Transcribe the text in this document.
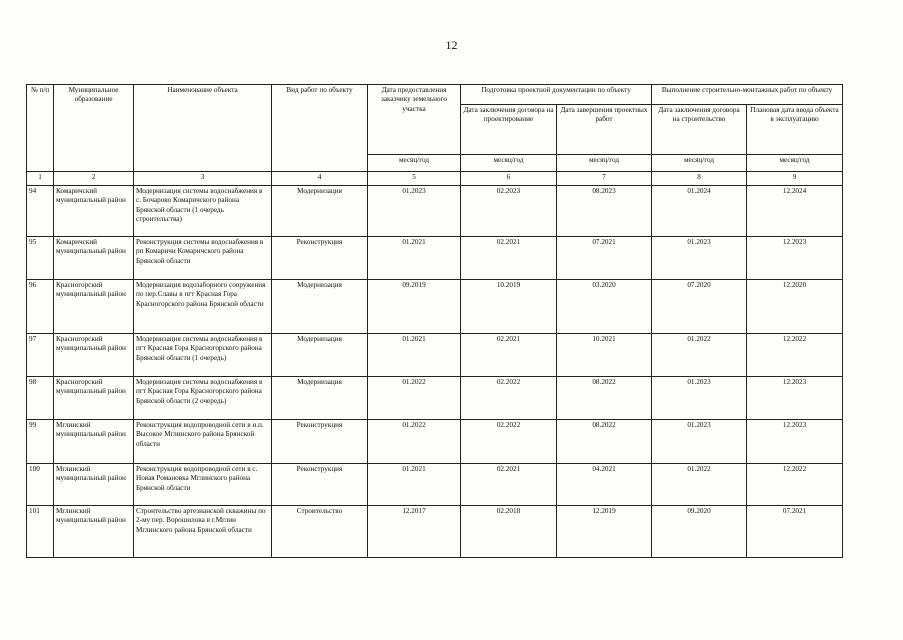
12
№ п/п	Муниципальное образование	Наименование объекта	Вид работ по объекту	Дата предоставления заказчику земельного участка	Подготовка проектной документации по объекту		Выполнение строительно-монтажных работ по объекту	
					Дата заключения договора на проектирование	Дата завершения проектных работ	Дата заключения договора на строительство	Плановая дата ввода объекта в эксплуатацию
				месяц/год	месяц/год	месяц/год	месяц/год	месяц/год
1	2	3	4	5	6	7	8	9
94	Комаричский муниципальный район	Модернизация системы водоснабжения в с. Бочарово Комаричского района Брянской области (1 очередь строительства)	Модернизация	01.2023	02.2023	08.2023	01.2024	12.2024
95	Комаричский муниципальный район	Реконструкция системы водоснабжения в рп Комаричи Комаричского района Брянской области	Реконструкция	01.2021	02.2021	07.2021	01.2023	12.2023
96	Красногорский муниципальный район	Модернизация водозаборного сооружения по пер.Славы в пгт Красная Гора Красногорского района Брянской области	Модернизация	09.2019	10.2019	03.2020	07.2020	12.2020
97	Красногорский муниципальный район	Модернизация системы водоснабжения в пгт Красная Гора Красногорского района Брянской области (1 очередь)	Модернизация	01.2021	02.2021	10.2021	01.2022	12.2022
98	Красногорский муниципальный район	Модернизация системы водоснабжения в пгт Красная Гора Красногорского района Брянской области (2 очередь)	Модернизация	01.2022	02.2022	08.2022	01.2023	12.2023
99	Мглинский муниципальный район	Реконструкция водопроводной сети в н.п. Высокое Мглинского района Брянской области	Реконструкция	01.2022	02.2022	08.2022	01.2023	12.2023
100	Мглинский муниципальный район	Реконструкция водопроводной сети в с. Новая Романовка Мглинского района Брянской области	Реконструкция	01.2021	02.2021	04.2021	01.2022	12.2022
101	Мглинский муниципальный район	Строительство артезианской скважины по 2-му пер. Ворошилова в г.Мглин Мглинского района Брянской области	Строительство	12.2017	02.2018	12.2019	09.2020	07.2021
